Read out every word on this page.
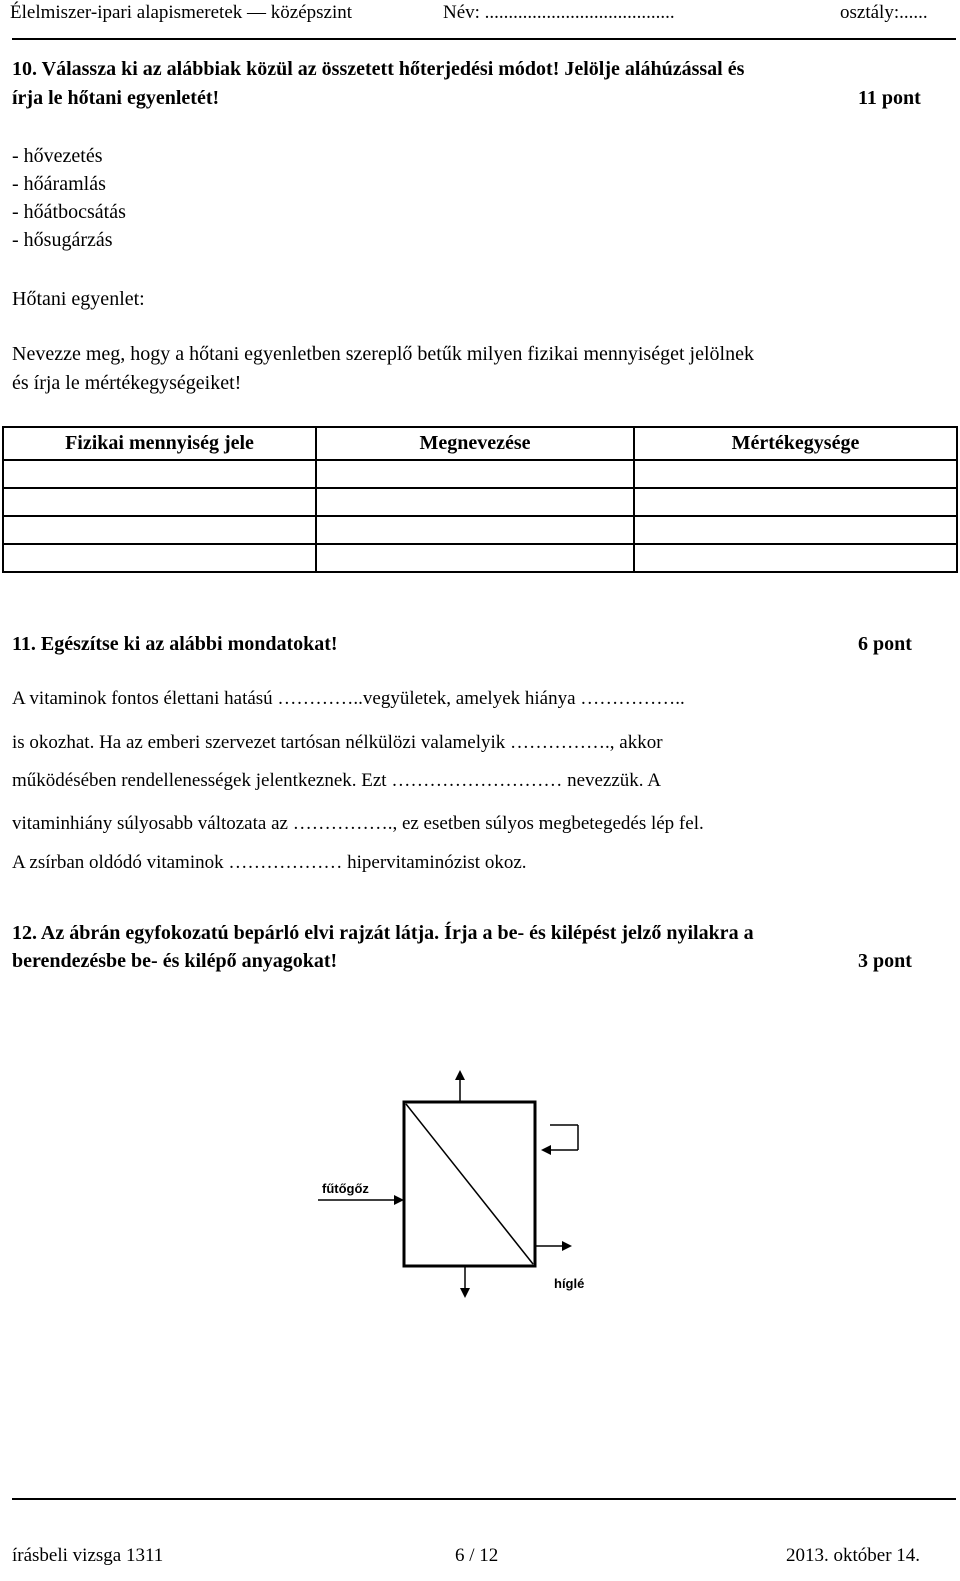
Élelmiszer-ipari alapismeretek — középszint	Név: ........................................	osztály:......
10. Válassza ki az alábbiak közül az összetett hőterjedési módot! Jelölje aláhúzással és
írja le hőtani egyenletét!	11 pont
- hővezetés
- hőáramlás
- hőátbocsátás
- hősugárzás
Hőtani egyenlet:
Nevezze meg, hogy a hőtani egyenletben szereplő betűk milyen fizikai mennyiséget jelölnek
és írja le mértékegységeiket!
Fizikai mennyiség jele	Megnevezése	Mértékegysége

11. Egészítse ki az alábbi mondatokat!	6 pont
A vitaminok fontos élettani hatású …………..vegyületek, amelyek hiánya ……………..
is okozhat. Ha az emberi szervezet tartósan nélkülözi valamelyik ……………., akkor
működésében rendellenességek jelentkeznek. Ezt ……………………… nevezzük. A
vitaminhiány súlyosabb változata az ……………., ez esetben súlyos megbetegedés lép fel.
A zsírban oldódó vitaminok ……………… hipervitaminózist okoz.
12. Az ábrán egyfokozatú bepárló elvi rajzát látja. Írja a be- és kilépést jelző nyilakra a
berendezésbe be- és kilépő anyagokat!	3 pont
fűtőgőz
híglé
írásbeli vizsga 1311	6 / 12	2013. október 14.
